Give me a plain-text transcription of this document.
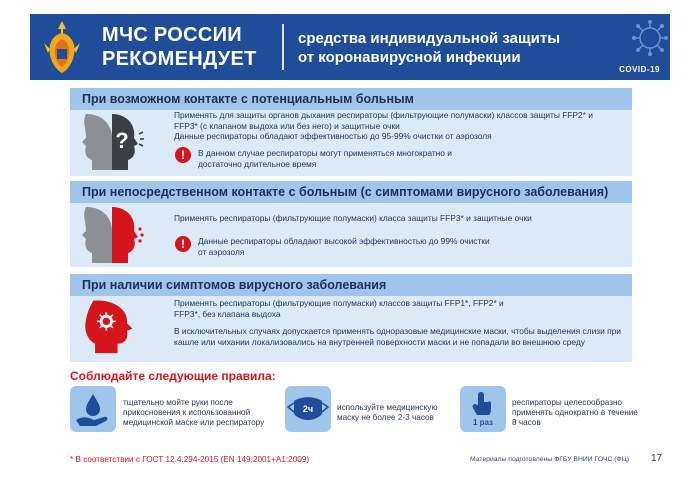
МЧС РОССИИ
РЕКОМЕНДУЕТ
средства индивидуальной защиты
от коронавирусной инфекции
COVID-19
При возможном контакте с потенциальным больным
?
Применять для защиты органов дыхания респираторы (фильтрующие полумаски) классов защиты FFP2* и FFP3* (с клапаном выдоха или без него) и защитные очки
Данные респираторы обладают эффективностью до 95-99% очистки от аэрозоля
!	В данном случае респираторы могут применяться многократно и достаточно длительное время
При непосредственном контакте с больным (с симптомами вирусного заболевания)
Применять респираторы (фильтрующие полумаски) класса защиты FFP3* и защитные очки
!	Данные респираторы обладают высокой эффективностью до 99% очистки от аэрозоля
При наличии симптомов вирусного заболевания
Применять респираторы (фильтрующие полумаски) классов защиты FFP1*, FFP2* и FFP3*, без клапана выдоха
В исключительных случаях допускается применять одноразовые медицинские маски, чтобы выделения слизи при кашле или чихании локализовались на внутренней поверхности маски и не попадали во внешнюю среду
Соблюдайте следующие правила:
тщательно мойте руки после прикосновения к использованной медицинской маске или респиратору
2ч	используйте медицинскую маску не более 2-3 часов
1 раз
респираторы целесообразно применять однократно в течение 8 часов
* В соответствии с ГОСТ 12.4.294-2015 (EN 149:2001+A1:2009)	Материалы подготовлены ФГБУ ВНИИ ГОЧС (ФЦ) 17
